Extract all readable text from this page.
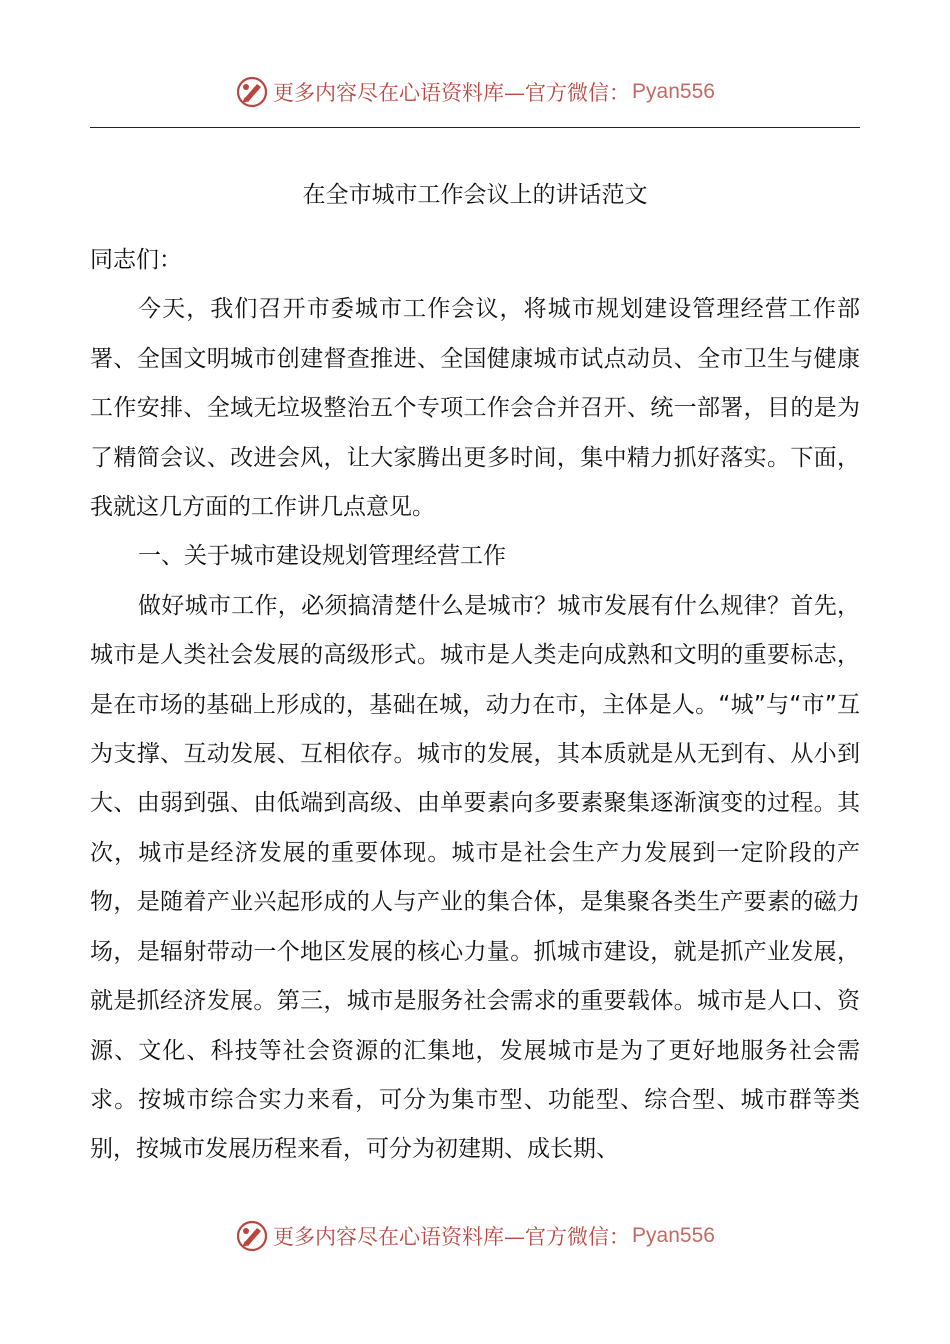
更多内容尽在心语资料库—官方微信： Pyan556
在全市城市工作会议上的讲话范文

同志们：

今天，我们召开市委城市工作会议，将城市规划建设管理经营工作部署、全国文明城市创建督查推进、全国健康城市试点动员、全市卫生与健康工作安排、全域无垃圾整治五个专项工作会合并召开、统一部署，目的是为了精简会议、改进会风，让大家腾出更多时间，集中精力抓好落实。下面，我就这几方面的工作讲几点意见。

一、关于城市建设规划管理经营工作

做好城市工作，必须搞清楚什么是城市？城市发展有什么规律？首先，城市是人类社会发展的高级形式。城市是人类走向成熟和文明的重要标志，是在市场的基础上形成的，基础在城，动力在市，主体是人。“城”与“市”互为支撑、互动发展、互相依存。城市的发展，其本质就是从无到有、从小到大、由弱到强、由低端到高级、由单要素向多要素聚集逐渐演变的过程。其次，城市是经济发展的重要体现。城市是社会生产力发展到一定阶段的产物，是随着产业兴起形成的人与产业的集合体，是集聚各类生产要素的磁力场，是辐射带动一个地区发展的核心力量。抓城市建设，就是抓产业发展，就是抓经济发展。第三，城市是服务社会需求的重要载体。城市是人口、资源、文化、科技等社会资源的汇集地，发展城市是为了更好地服务社会需求。按城市综合实力来看，可分为集市型、功能型、综合型、城市群等类别，按城市发展历程来看，可分为初建期、成长期、

更多内容尽在心语资料库—官方微信： Pyan556
